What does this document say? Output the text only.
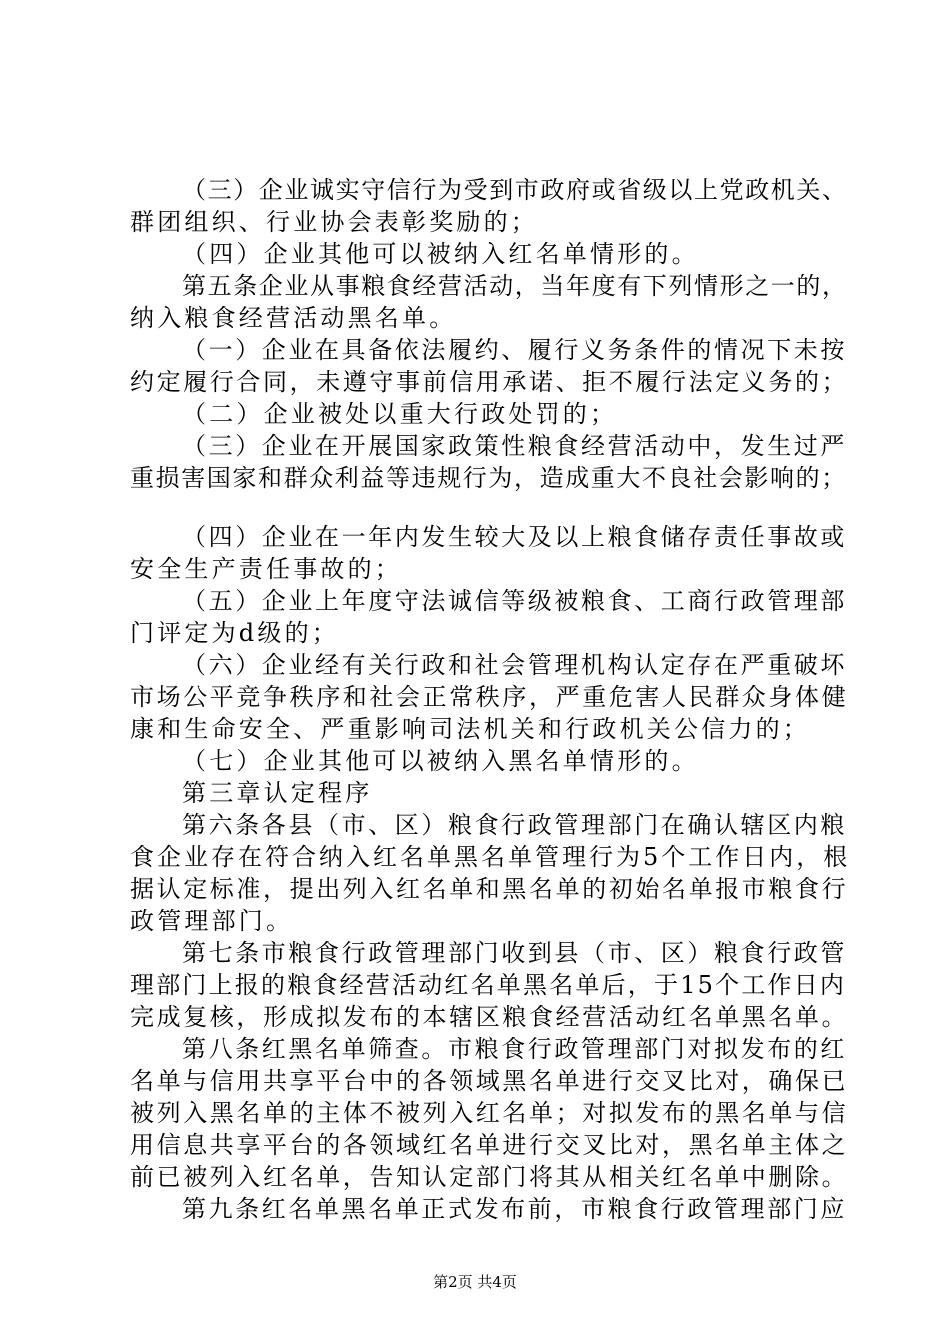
（三）企业诚实守信行为受到市政府或省级以上党政机关、
群团组织、行业协会表彰奖励的；
（四）企业其他可以被纳入红名单情形的。
第五条企业从事粮食经营活动，当年度有下列情形之一的，
纳入粮食经营活动黑名单。
（一）企业在具备依法履约、履行义务条件的情况下未按
约定履行合同，未遵守事前信用承诺、拒不履行法定义务的；
（二）企业被处以重大行政处罚的；
（三）企业在开展国家政策性粮食经营活动中，发生过严
重损害国家和群众利益等违规行为，造成重大不良社会影响的；
（四）企业在一年内发生较大及以上粮食储存责任事故或
安全生产责任事故的；
（五）企业上年度守法诚信等级被粮食、工商行政管理部
门评定为d级的；
（六）企业经有关行政和社会管理机构认定存在严重破坏
市场公平竞争秩序和社会正常秩序，严重危害人民群众身体健
康和生命安全、严重影响司法机关和行政机关公信力的；
（七）企业其他可以被纳入黑名单情形的。
第三章认定程序
第六条各县（市、区）粮食行政管理部门在确认辖区内粮
食企业存在符合纳入红名单黑名单管理行为5个工作日内，根
据认定标准，提出列入红名单和黑名单的初始名单报市粮食行
政管理部门。
第七条市粮食行政管理部门收到县（市、区）粮食行政管
理部门上报的粮食经营活动红名单黑名单后，于15个工作日内
完成复核，形成拟发布的本辖区粮食经营活动红名单黑名单。
第八条红黑名单筛查。市粮食行政管理部门对拟发布的红
名单与信用共享平台中的各领域黑名单进行交叉比对，确保已
被列入黑名单的主体不被列入红名单；对拟发布的黑名单与信
用信息共享平台的各领域红名单进行交叉比对，黑名单主体之
前已被列入红名单，告知认定部门将其从相关红名单中删除。
第九条红名单黑名单正式发布前，市粮食行政管理部门应
第2页 共4页
